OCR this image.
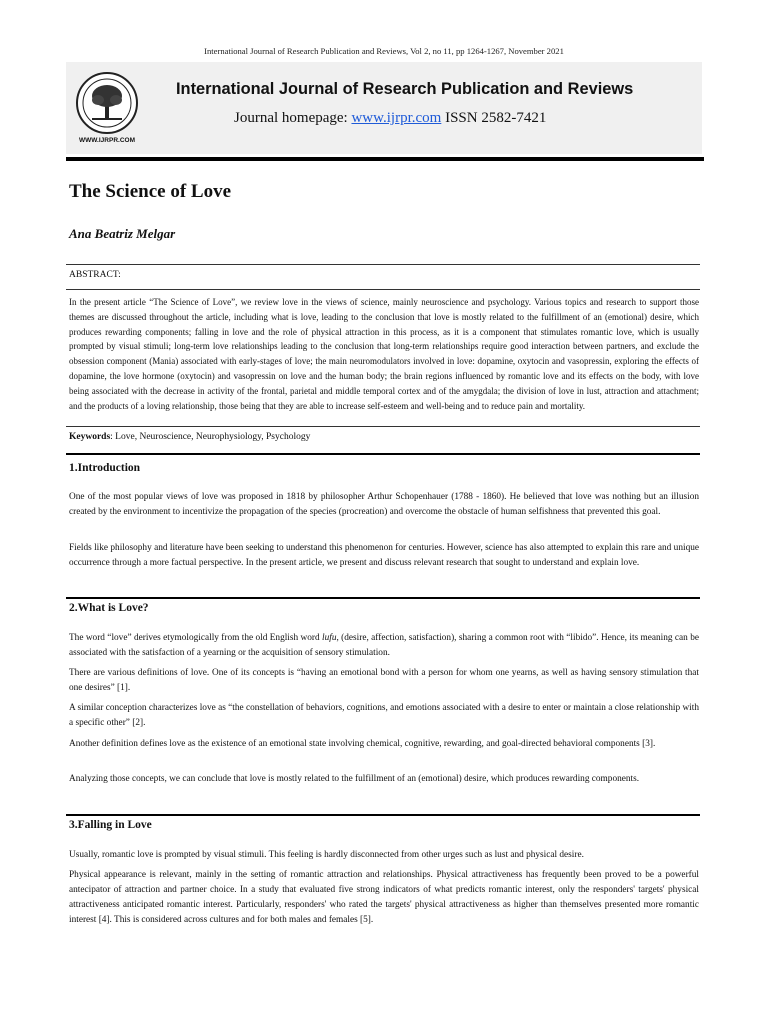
International Journal of Research Publication and Reviews, Vol 2, no 11, pp 1264-1267, November 2021
WWW.IJRPR.COM
International Journal of Research Publication and Reviews
Journal homepage: www.ijrpr.com ISSN 2582-7421
The Science of Love
Ana Beatriz Melgar
ABSTRACT:
In the present article “The Science of Love”, we review love in the views of science, mainly neuroscience and psychology. Various topics and research to support those themes are discussed throughout the article, including what is love, leading to the conclusion that love is mostly related to the fulfillment of an (emotional) desire, which produces rewarding components; falling in love and the role of physical attraction in this process, as it is a component that stimulates romantic love, which is usually prompted by visual stimuli; long-term love relationships leading to the conclusion that long-term relationships require good interaction between partners, and exclude the obsession component (Mania) associated with early-stages of love; the main neuromodulators involved in love: dopamine, oxytocin and vasopressin, exploring the effects of dopamine, the love hormone (oxytocin) and vasopressin on love and the human body; the brain regions influenced by romantic love and its effects on the body, with love being associated with the decrease in activity of the frontal, parietal and middle temporal cortex and of the amygdala; the division of love in lust, attraction and attachment; and the products of a loving relationship, those being that they are able to increase self-esteem and well-being and to reduce pain and mortality.
Keywords: Love, Neuroscience, Neurophysiology, Psychology
1.Introduction
One of the most popular views of love was proposed in 1818 by philosopher Arthur Schopenhauer (1788 - 1860). He believed that love was nothing but an illusion created by the environment to incentivize the propagation of the species (procreation) and overcome the obstacle of human selfishness that prevented this goal.
Fields like philosophy and literature have been seeking to understand this phenomenon for centuries. However, science has also attempted to explain this rare and unique occurrence through a more factual perspective. In the present article, we present and discuss relevant research that sought to understand and explain love.
2.What is Love?
The word “love” derives etymologically from the old English word lufu, (desire, affection, satisfaction), sharing a common root with “libido”. Hence, its meaning can be associated with the satisfaction of a yearning or the acquisition of sensory stimulation.
There are various definitions of love. One of its concepts is “having an emotional bond with a person for whom one yearns, as well as having sensory stimulation that one desires” [1].
A similar conception characterizes love as “the constellation of behaviors, cognitions, and emotions associated with a desire to enter or maintain a close relationship with a specific other” [2].
Another definition defines love as the existence of an emotional state involving chemical, cognitive, rewarding, and goal-directed behavioral components [3].
Analyzing those concepts, we can conclude that love is mostly related to the fulfillment of an (emotional) desire, which produces rewarding components.
3.Falling in Love
Usually, romantic love is prompted by visual stimuli. This feeling is hardly disconnected from other urges such as lust and physical desire.
Physical appearance is relevant, mainly in the setting of romantic attraction and relationships. Physical attractiveness has frequently been proved to be a powerful antecipator of attraction and partner choice. In a study that evaluated five strong indicators of what predicts romantic interest, only the responders' targets' physical attractiveness anticipated romantic interest. Particularly, responders' who rated the targets' physical attractiveness as higher than themselves presented more romantic interest [4]. This is considered across cultures and for both males and females [5].
